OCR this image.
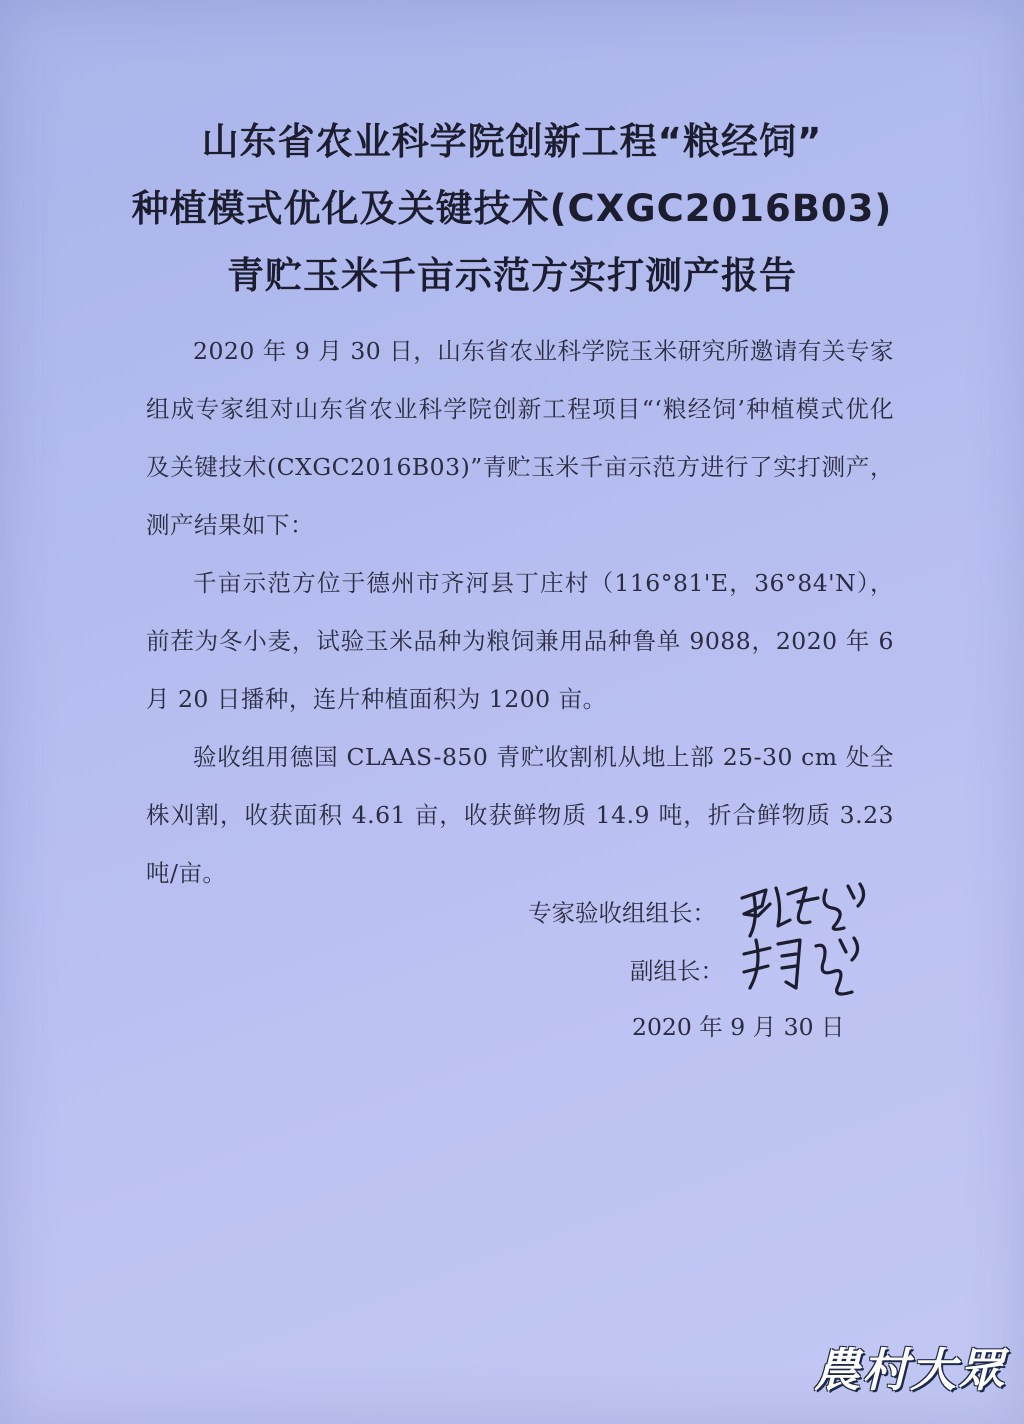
山东省农业科学院创新工程“粮经饲”
种植模式优化及关键技术(CXGC2016B03)
青贮玉米千亩示范方实打测产报告

2020 年 9 月 30 日，山东省农业科学院玉米研究所邀请有关专家组成专家组对山东省农业科学院创新工程项目“‘粮经饲’种植模式优化及关键技术(CXGC2016B03)”青贮玉米千亩示范方进行了实打测产，测产结果如下：

千亩示范方位于德州市齐河县丁庄村（116°81'E，36°84'N），前茬为冬小麦，试验玉米品种为粮饲兼用品种鲁单 9088，2020 年 6 月 20 日播种，连片种植面积为 1200 亩。

验收组用德国 CLAAS-850 青贮收割机从地上部 25-30 cm 处全株刈割，收获面积 4.61 亩，收获鲜物质 14.9 吨，折合鲜物质 3.23 吨/亩。

专家验收组组长：
副组长：
2020 年 9 月 30 日
農村大眾
